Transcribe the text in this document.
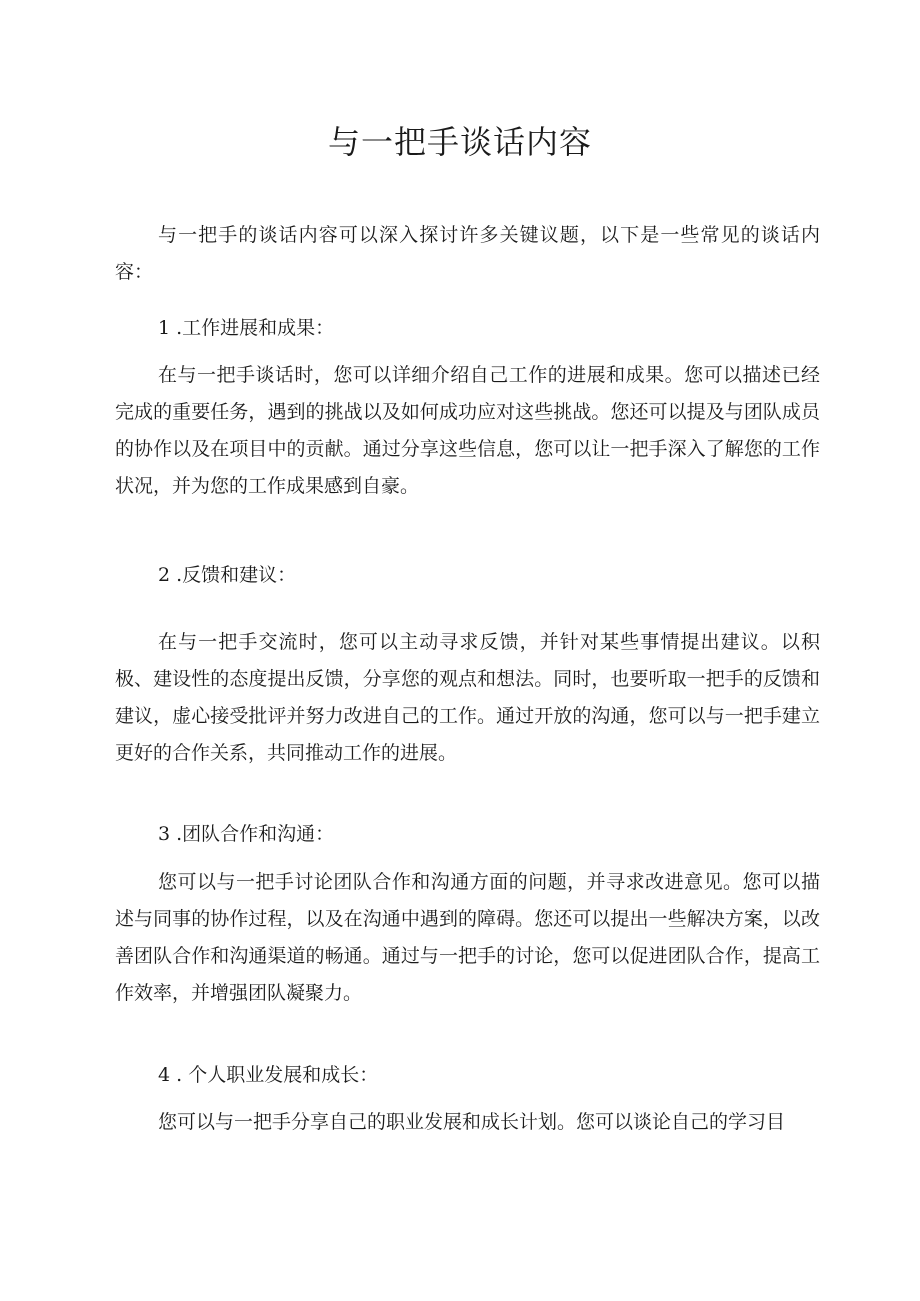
与一把手谈话内容

与一把手的谈话内容可以深入探讨许多关键议题，以下是一些常见的谈话内容：

1 .工作进展和成果：

在与一把手谈话时，您可以详细介绍自己工作的进展和成果。您可以描述已经完成的重要任务，遇到的挑战以及如何成功应对这些挑战。您还可以提及与团队成员的协作以及在项目中的贡献。通过分享这些信息，您可以让一把手深入了解您的工作状况，并为您的工作成果感到自豪。

2 .反馈和建议：

在与一把手交流时，您可以主动寻求反馈，并针对某些事情提出建议。以积极、建设性的态度提出反馈，分享您的观点和想法。同时，也要听取一把手的反馈和建议，虚心接受批评并努力改进自己的工作。通过开放的沟通，您可以与一把手建立更好的合作关系，共同推动工作的进展。

3 .团队合作和沟通：

您可以与一把手讨论团队合作和沟通方面的问题，并寻求改进意见。您可以描述与同事的协作过程，以及在沟通中遇到的障碍。您还可以提出一些解决方案，以改善团队合作和沟通渠道的畅通。通过与一把手的讨论，您可以促进团队合作，提高工作效率，并增强团队凝聚力。

4 . 个人职业发展和成长：

您可以与一把手分享自己的职业发展和成长计划。您可以谈论自己的学习目
